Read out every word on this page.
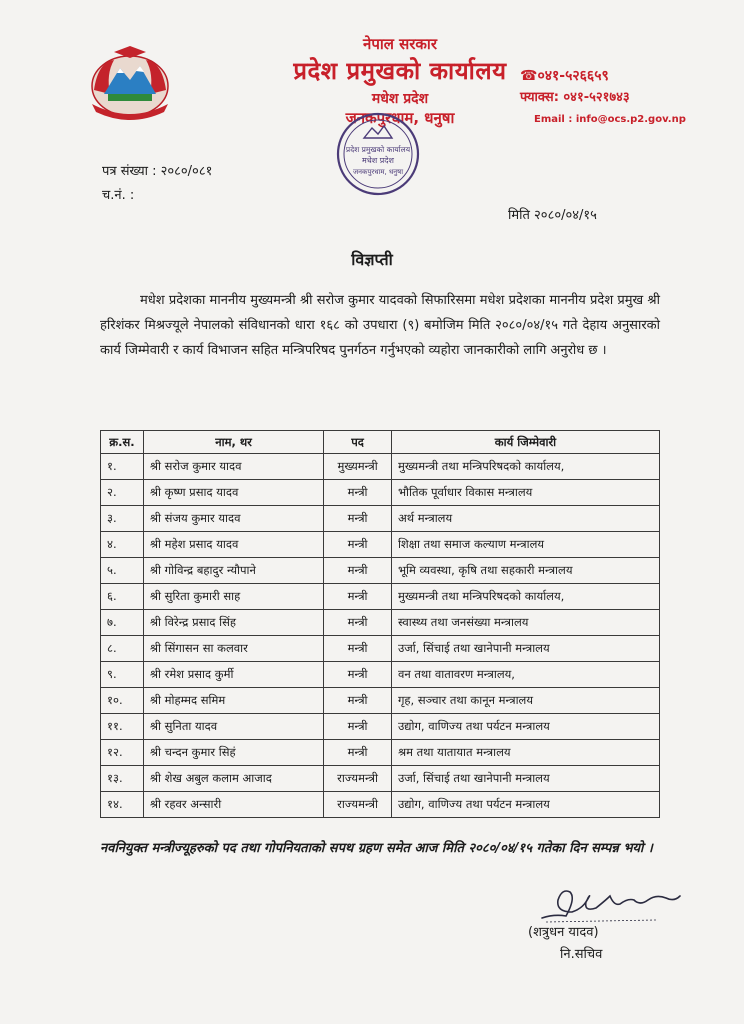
नेपाल सरकार
प्रदेश प्रमुखको कार्यालय
मधेश प्रदेश
जनकपुरधाम, धनुषा
☎०४१-५२६६५९
फ्याक्स: ०४१-५२१७४३
Email : info@ocs.p2.gov.np
प्रदेश प्रमुखको कार्यालय
मधेश प्रदेश
जनकपुरधाम, धनुषा
पत्र संख्या : २०८०/०८१
च.नं. :
मिति २०८०/०४/१५
विज्ञप्ती
मधेश प्रदेशका माननीय मुख्यमन्त्री श्री सरोज कुमार यादवको सिफारिसमा मधेश प्रदेशका माननीय प्रदेश प्रमुख श्री हरिशंकर मिश्रज्यूले नेपालको संविधानको धारा १६८ को उपधारा (९) बमोजिम मिति २०८०/०४/१५ गते देहाय अनुसारको कार्य जिम्मेवारी र कार्य विभाजन सहित मन्त्रिपरिषद पुनर्गठन गर्नुभएको व्यहोरा जानकारीको लागि अनुरोध छ ।
क्र.स.	नाम, थर	पद	कार्य जिम्मेवारी
१.	श्री सरोज कुमार यादव	मुख्यमन्त्री	मुख्यमन्त्री तथा मन्त्रिपरिषदको कार्यालय,
२.	श्री कृष्ण प्रसाद यादव	मन्त्री	भौतिक पूर्वाधार विकास मन्त्रालय
३.	श्री संजय कुमार यादव	मन्त्री	अर्थ मन्त्रालय
४.	श्री महेश प्रसाद यादव	मन्त्री	शिक्षा तथा समाज कल्याण मन्त्रालय
५.	श्री गोविन्द्र बहादुर न्यौपाने	मन्त्री	भूमि व्यवस्था, कृषि तथा सहकारी मन्त्रालय
६.	श्री सुरिता कुमारी साह	मन्त्री	मुख्यमन्त्री तथा मन्त्रिपरिषदको कार्यालय,
७.	श्री विरेन्द्र प्रसाद सिंह	मन्त्री	स्वास्थ्य तथा जनसंख्या मन्त्रालय
८.	श्री सिंगासन सा कलवार	मन्त्री	उर्जा, सिंचाई तथा खानेपानी मन्त्रालय
९.	श्री रमेश प्रसाद कुर्मी	मन्त्री	वन तथा वातावरण मन्त्रालय,
१०.	श्री मोहम्मद समिम	मन्त्री	गृह, सञ्चार तथा कानून मन्त्रालय
११.	श्री सुनिता यादव	मन्त्री	उद्योग, वाणिज्य तथा पर्यटन मन्त्रालय
१२.	श्री चन्दन कुमार सिहं	मन्त्री	श्रम तथा यातायात मन्त्रालय
१३.	श्री शेख अबुल कलाम आजाद	राज्यमन्त्री	उर्जा, सिंचाई तथा खानेपानी मन्त्रालय
१४.	श्री रहवर अन्सारी	राज्यमन्त्री	उद्योग, वाणिज्य तथा पर्यटन मन्त्रालय
नवनियुक्त मन्त्रीज्यूहरुको पद तथा गोपनियताको सपथ ग्रहण समेत आज मिति २०८०/०४/१५ गतेका दिन सम्पन्न भयो ।
(शत्रुधन यादव)
नि.सचिव
